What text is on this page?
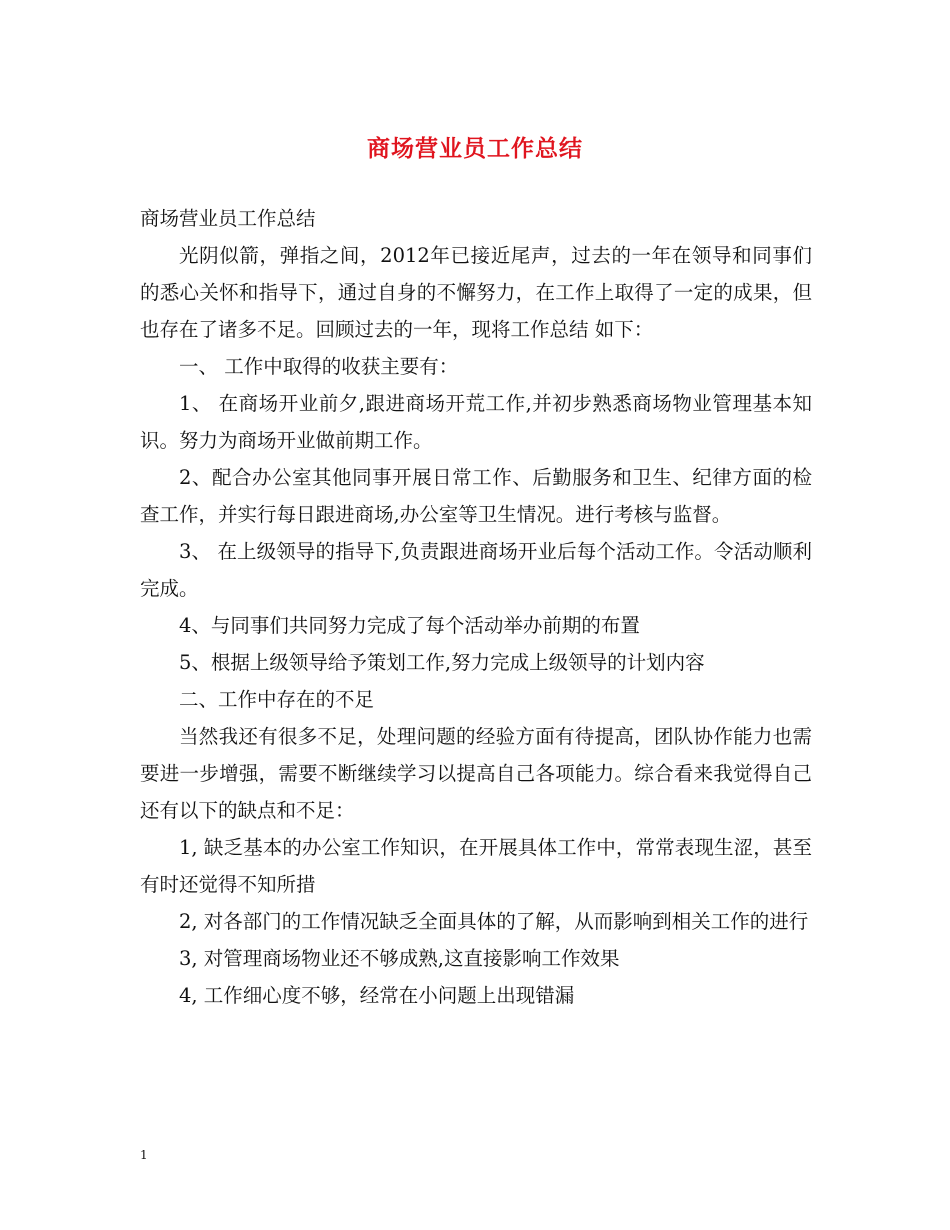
商场营业员工作总结

商场营业员工作总结

光阴似箭，弹指之间，2012年已接近尾声，过去的一年在领导和同事们的悉心关怀和指导下，通过自身的不懈努力，在工作上取得了一定的成果，但也存在了诸多不足。回顾过去的一年，现将工作总结 如下：

一、 工作中取得的收获主要有：

1、 在商场开业前夕,跟进商场开荒工作,并初步熟悉商场物业管理基本知识。努力为商场开业做前期工作。

2、配合办公室其他同事开展日常工作、后勤服务和卫生、纪律方面的检查工作，并实行每日跟进商场,办公室等卫生情况。进行考核与监督。

3、 在上级领导的指导下,负责跟进商场开业后每个活动工作。令活动顺利完成。

4、与同事们共同努力完成了每个活动举办前期的布置

5、根据上级领导给予策划工作,努力完成上级领导的计划内容

二、工作中存在的不足

当然我还有很多不足，处理问题的经验方面有待提高，团队协作能力也需要进一步增强，需要不断继续学习以提高自己各项能力。综合看来我觉得自己还有以下的缺点和不足：

1, 缺乏基本的办公室工作知识，在开展具体工作中，常常表现生涩，甚至有时还觉得不知所措

2, 对各部门的工作情况缺乏全面具体的了解，从而影响到相关工作的进行

3, 对管理商场物业还不够成熟,这直接影响工作效果

4, 工作细心度不够，经常在小问题上出现错漏

1
